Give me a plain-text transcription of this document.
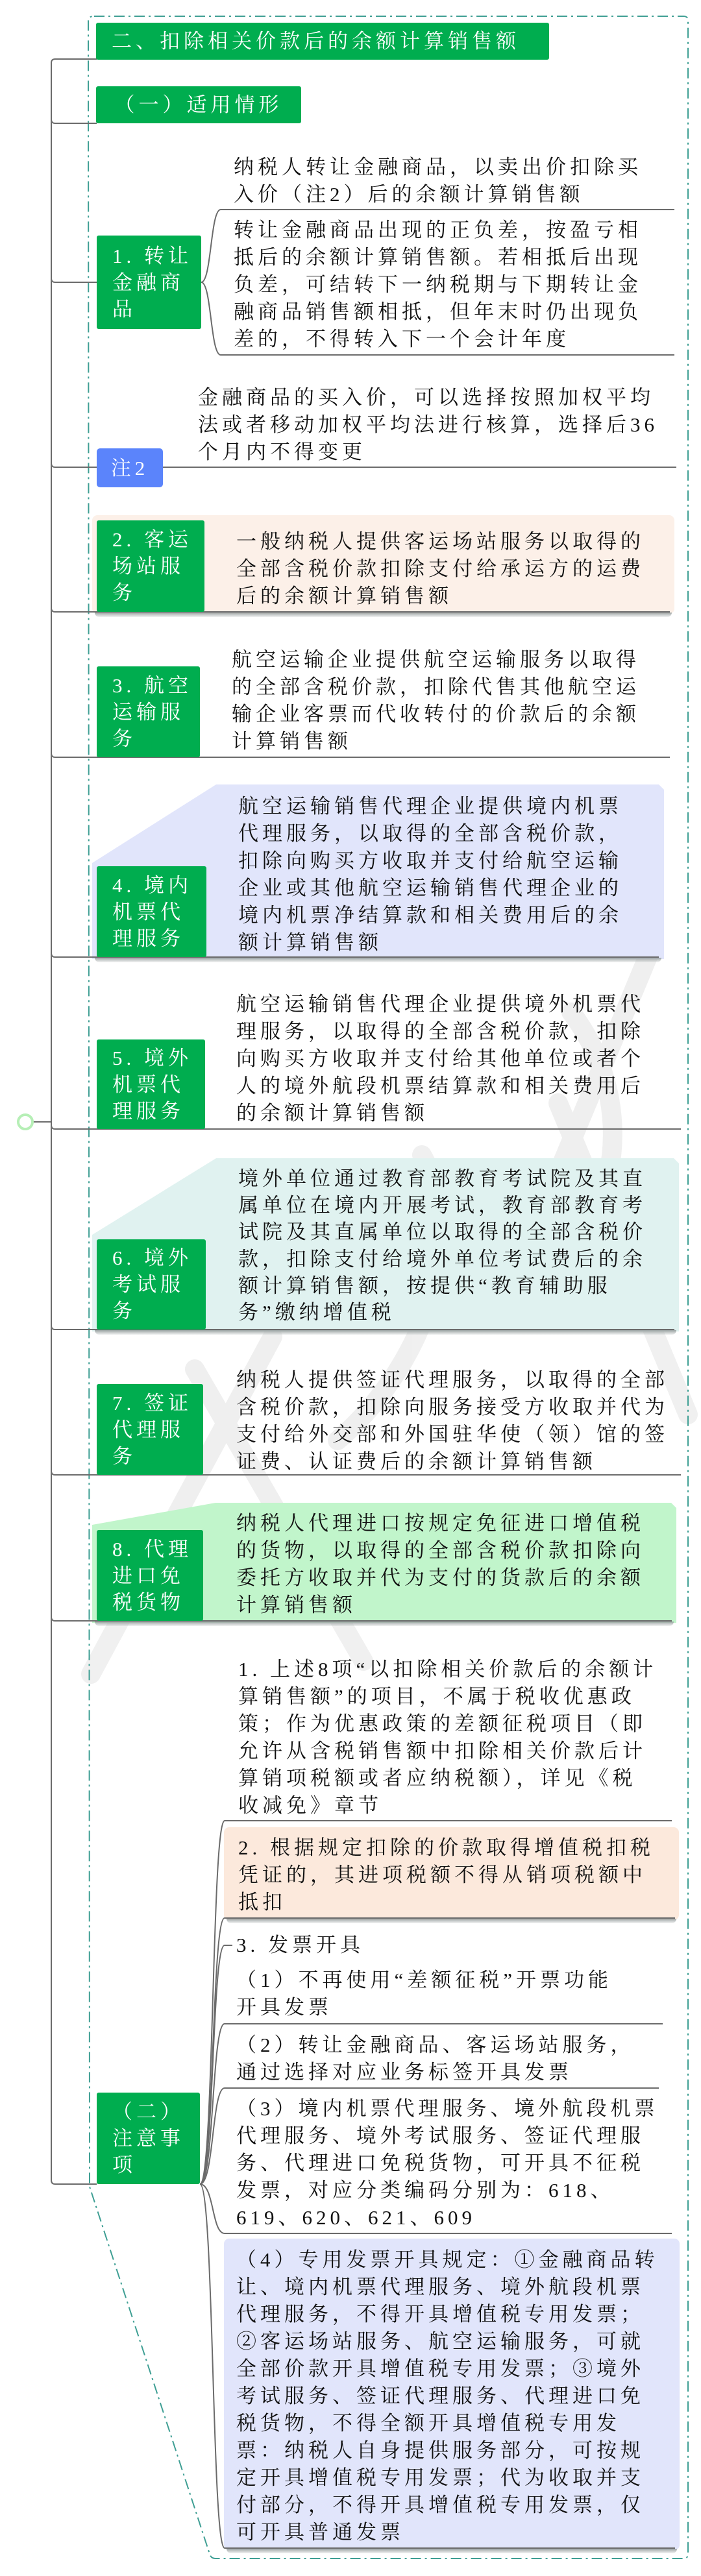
二、扣除相关价款后的余额计算销售额
（一）适用情形
1. 转让
金融商
品
纳税人转让金融商品，以卖出价扣除买
入价（注2）后的余额计算销售额
转让金融商品出现的正负差，按盈亏相
抵后的余额计算销售额。若相抵后出现
负差，可结转下一纳税期与下期转让金
融商品销售额相抵，但年末时仍出现负
差的，不得转入下一个会计年度
注2
金融商品的买入价，可以选择按照加权平均
法或者移动加权平均法进行核算，选择后36
个月内不得变更
2. 客运
场站服
务
一般纳税人提供客运场站服务以取得的
全部含税价款扣除支付给承运方的运费
后的余额计算销售额
3. 航空
运输服
务
航空运输企业提供航空运输服务以取得
的全部含税价款，扣除代售其他航空运
输企业客票而代收转付的价款后的余额
计算销售额
4. 境内
机票代
理服务
航空运输销售代理企业提供境内机票
代理服务，以取得的全部含税价款，
扣除向购买方收取并支付给航空运输
企业或其他航空运输销售代理企业的
境内机票净结算款和相关费用后的余
额计算销售额
5. 境外
机票代
理服务
航空运输销售代理企业提供境外机票代
理服务，以取得的全部含税价款，扣除
向购买方收取并支付给其他单位或者个
人的境外航段机票结算款和相关费用后
的余额计算销售额
6. 境外
考试服
务
境外单位通过教育部教育考试院及其直
属单位在境内开展考试，教育部教育考
试院及其直属单位以取得的全部含税价
款，扣除支付给境外单位考试费后的余
额计算销售额，按提供“教育辅助服
务”缴纳增值税
7. 签证
代理服
务
纳税人提供签证代理服务，以取得的全部
含税价款，扣除向服务接受方收取并代为
支付给外交部和外国驻华使（领）馆的签
证费、认证费后的余额计算销售额
8. 代理
进口免
税货物
纳税人代理进口按规定免征进口增值税
的货物，以取得的全部含税价款扣除向
委托方收取并代为支付的货款后的余额
计算销售额
（二）
注意事
项
1. 上述8项“以扣除相关价款后的余额计
算销售额”的项目，不属于税收优惠政
策；作为优惠政策的差额征税项目（即
允许从含税销售额中扣除相关价款后计
算销项税额或者应纳税额），详见《税
收减免》章节
2. 根据规定扣除的价款取得增值税扣税
凭证的，其进项税额不得从销项税额中
抵扣
3. 发票开具
（1）不再使用“差额征税”开票功能
开具发票
（2）转让金融商品、客运场站服务，
通过选择对应业务标签开具发票
（3）境内机票代理服务、境外航段机票
代理服务、境外考试服务、签证代理服
务、代理进口免税货物，可开具不征税
发票，对应分类编码分别为：618、
619、620、621、609
（4）专用发票开具规定：①金融商品转
让、境内机票代理服务、境外航段机票
代理服务，不得开具增值税专用发票；
②客运场站服务、航空运输服务，可就
全部价款开具增值税专用发票；③境外
考试服务、签证代理服务、代理进口免
税货物，不得全额开具增值税专用发
票：纳税人自身提供服务部分，可按规
定开具增值税专用发票；代为收取并支
付部分，不得开具增值税专用发票，仅
可开具普通发票
